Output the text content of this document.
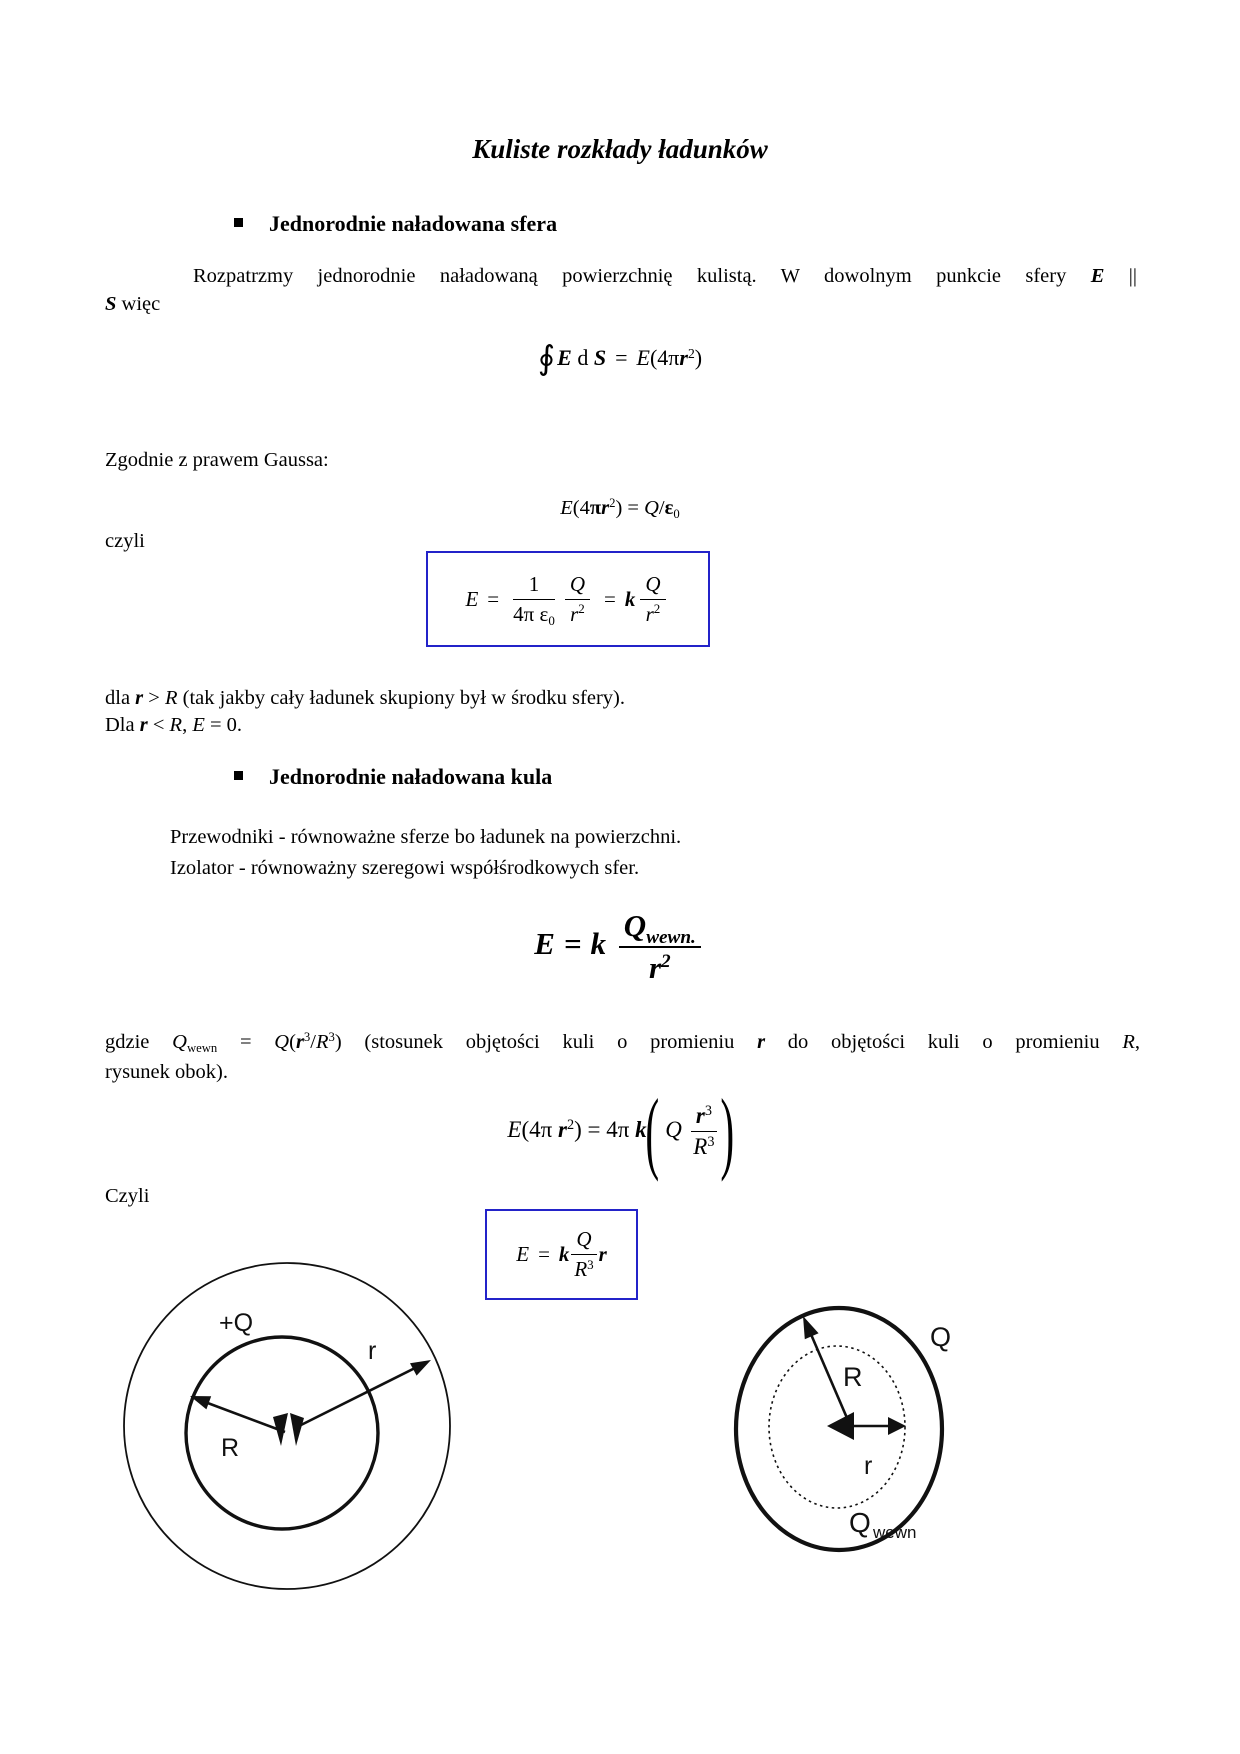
Kuliste rozkłady ładunków
Jednorodnie naładowana sfera
Rozpatrzmy jednorodnie naładowaną powierzchnię kulistą. W dowolnym punkcie sfery E ||
S więc
∮E d $S = E(4\pi r^2)$
Zgodnie z prawem Gaussa:
$E(4\pi r^2) = Q/\varepsilon_0$
czyli
$E = \frac{1}{4\pi \varepsilon_0} \frac{Q}{r^2} = k \frac{Q}{r^2}$
dla r > R (tak jakby cały ładunek skupiony był w środku sfery).
Dla r < R, E = 0.
Jednorodnie naładowana kula
Przewodniki - równoważne sferze bo ładunek na powierzchni.
Izolator - równoważny szeregowi współśrodkowych sfer.
E = k $\frac{Q_{wewn.}}{r^2}$
gdzie $Q_{wewn} = Q(r^3/R^3)$ (stosunek objętości kuli o promieniu r do objętości kuli o promieniu R,
rysunek obok).
E(4π $r^2) = 4\pi$ k( Q $\frac{r^3}{R^3}$ )
Czyli
E = k $\frac{Q}{R^3}$ r
+Q
r
R
Q
R
r
Q wewn
